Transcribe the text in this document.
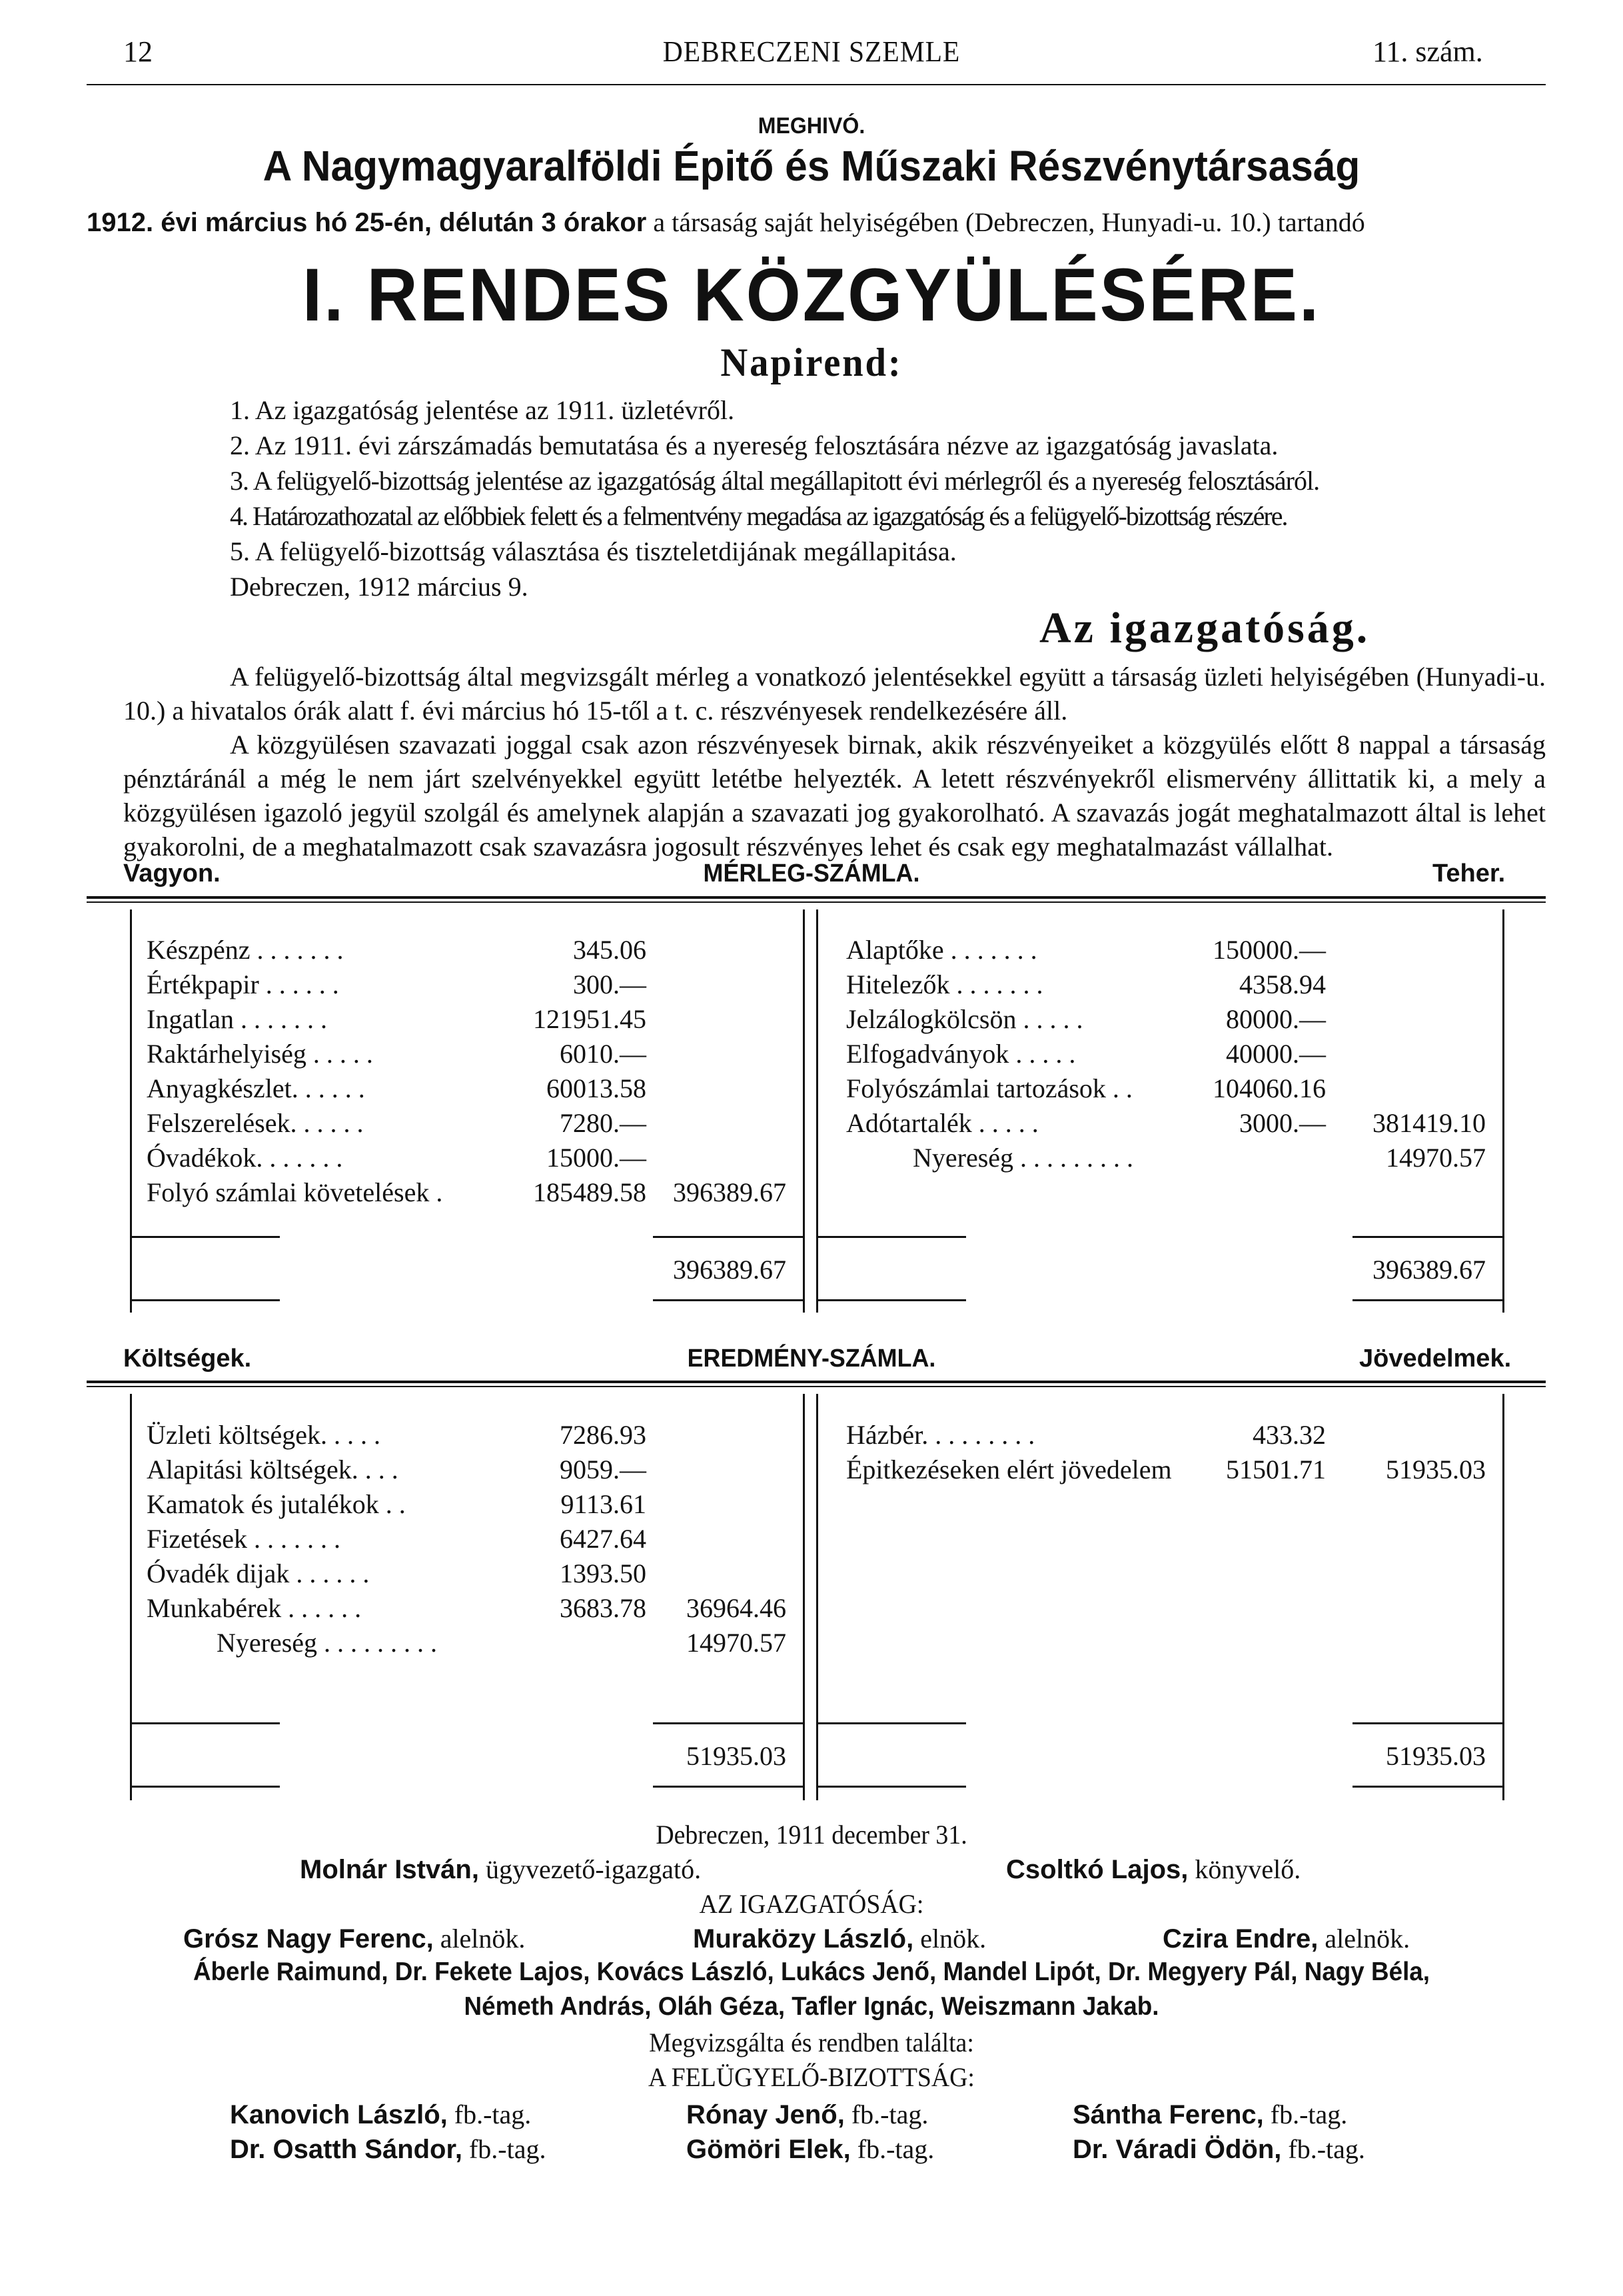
12	DEBRECZENI SZEMLE	11. szám.
MEGHIVÓ.
A Nagymagyaralföldi Épitő és Műszaki Részvénytársaság
1912. évi március hó 25-én, délután 3 órakor a társaság saját helyiségében (Debreczen, Hunyadi-u. 10.) tartandó
I. RENDES KÖZGYÜLÉSÉRE.
Napirend:
1. Az igazgatóság jelentése az 1911. üzletévről.
2. Az 1911. évi zárszámadás bemutatása és a nyereség felosztására nézve az igazgatóság javaslata.
3. A felügyelő-bizottság jelentése az igazgatóság által megállapitott évi mérlegről és a nyereség felosztásáról.
4. Határozathozatal az előbbiek felett és a felmentvény megadása az igazgatóság és a felügyelő-bizottság részére.
5. A felügyelő-bizottság választása és tiszteletdijának megállapitása.
Debreczen, 1912 március 9.
Az igazgatóság.
A felügyelő-bizottság által megvizsgált mérleg a vonatkozó jelentésekkel együtt a társaság üzleti helyiségében (Hunyadi-u. 10.) a hivatalos órák alatt f. évi március hó 15-től a t. c. részvényesek rendelkezésére áll.
A közgyülésen szavazati joggal csak azon részvényesek birnak, akik részvényeiket a közgyülés előtt 8 nappal a társaság pénztáránál a még le nem járt szelvényekkel együtt letétbe helyezték. A letett részvényekről elismervény állittatik ki, a mely a közgyülésen igazoló jegyül szolgál és amelynek alapján a szavazati jog gyakorolható. A szavazás jogát meghatalmazott által is lehet gyakorolni, de a meghatalmazott csak szavazásra jogosult részvényes lehet és csak egy meghatalmazást vállalhat.
Vagyon.	MÉRLEG-SZÁMLA.	Teher.
Készpénz . . . . . . .	345.06
Értékpapir . . . . . .	300.—
Ingatlan . . . . . . .	121951.45
Raktárhelyiség . . . . .	6010.—
Anyagkészlet. . . . . .	60013.58
Felszerelések. . . . . .	7280.—
Óvadékok. . . . . . .	15000.—
Folyó számlai követelések .	185489.58 396389.67
Alaptőke . . . . . . .	150000.—
Hitelezők . . . . . . .	4358.94
Jelzálogkölcsön . . . . .	80000.—
Elfogadványok . . . . .	40000.—
Folyószámlai tartozások . .	104060.16
Adótartalék . . . . .	3000.— 381419.10
Nyereség . . . . . . . . .	14970.57
396389.67	396389.67
Költségek.	EREDMÉNY-SZÁMLA.	Jövedelmek.
Üzleti költségek. . . . .	7286.93
Alapitási költségek. . . .	9059.—
Kamatok és jutalékok . .	9113.61
Fizetések . . . . . . .	6427.64
Óvadék dijak . . . . . .	1393.50
Munkabérek . . . . . .	3683.78 36964.46
Nyereség . . . . . . . . .	14970.57
Házbér. . . . . . . . .	433.32
Épitkezéseken elért jövedelem 51501.71 51935.03
51935.03	51935.03
Debreczen, 1911 december 31.
Molnár István, ügyvezető-igazgató.	Csoltkó Lajos, könyvelő.
AZ IGAZGATÓSÁG:
Grósz Nagy Ferenc, alelnök.	Muraközy László, elnök.	Czira Endre, alelnök.
Áberle Raimund, Dr. Fekete Lajos, Kovács László, Lukács Jenő, Mandel Lipót, Dr. Megyery Pál, Nagy Béla,
Németh András, Oláh Géza, Tafler Ignác, Weiszmann Jakab.
Megvizsgálta és rendben találta:
A FELÜGYELŐ-BIZOTTSÁG:
Kanovich László, fb.-tag.	Rónay Jenő, fb.-tag.	Sántha Ferenc, fb.-tag.
Dr. Osatth Sándor, fb.-tag.	Gömöri Elek, fb.-tag.	Dr. Váradi Ödön, fb.-tag.
